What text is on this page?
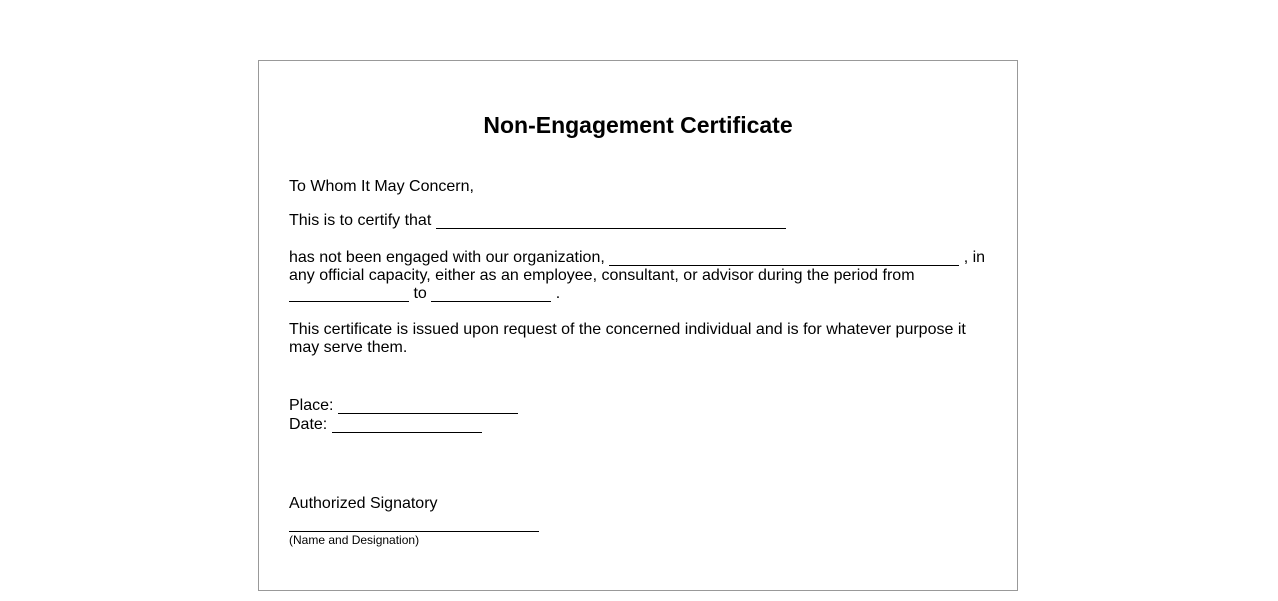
Non-Engagement Certificate

To Whom It May Concern,

This is to certify that

has not been engaged with our organization,	, in
any official capacity, either as an employee, consultant, or advisor during the period from
to	.

This certificate is issued upon request of the concerned individual and is for whatever purpose it may serve them.

Place:

Date:

Authorized Signatory

(Name and Designation)
